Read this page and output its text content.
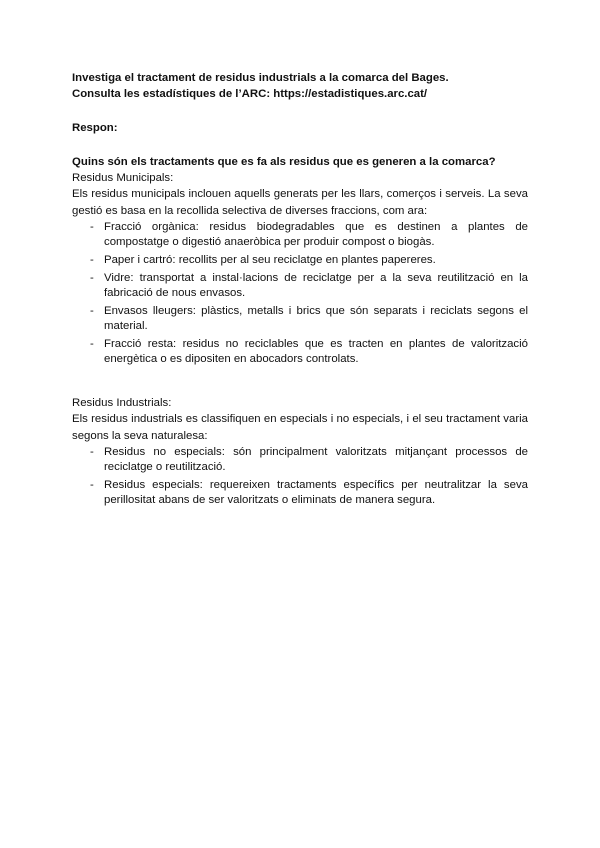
Investiga el tractament de residus industrials a la comarca del Bages.

Consulta les estadístiques de l’ARC: https://estadistiques.arc.cat/

Respon:

Quins són els tractaments que es fa als residus que es generen a la comarca?

Residus Municipals:

Els residus municipals inclouen aquells generats per les llars, comerços i serveis. La seva gestió es basa en la recollida selectiva de diverses fraccions, com ara:

- Fracció orgànica: residus biodegradables que es destinen a plantes de compostatge o digestió anaeròbica per produir compost o biogàs.
- Paper i cartró: recollits per al seu reciclatge en plantes papereres.
- Vidre: transportat a instal·lacions de reciclatge per a la seva reutilització en la fabricació de nous envasos.
- Envasos lleugers: plàstics, metalls i brics que són separats i reciclats segons el material.
- Fracció resta: residus no reciclables que es tracten en plantes de valorització energètica o es dipositen en abocadors controlats.

Residus Industrials:

Els residus industrials es classifiquen en especials i no especials, i el seu tractament varia segons la seva naturalesa:

- Residus no especials: són principalment valoritzats mitjançant processos de reciclatge o reutilització.
- Residus especials: requereixen tractaments específics per neutralitzar la seva perillositat abans de ser valoritzats o eliminats de manera segura.
